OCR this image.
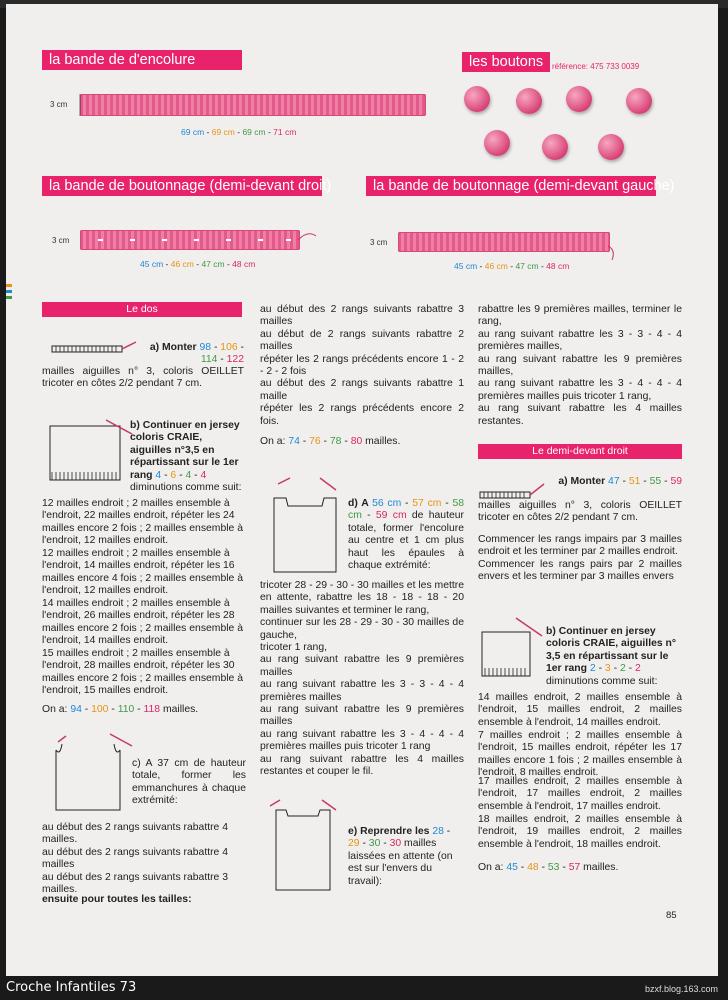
la bande de d'encolure
3 cm
69 cm - 69 cm - 69 cm - 71 cm
les boutons	référence: 475 733 0039
la bande de boutonnage (demi-devant droit)
3 cm
45 cm - 46 cm - 47 cm - 48 cm
la bande de boutonnage (demi-devant gauche)
3 cm
45 cm - 46 cm - 47 cm - 48 cm
Le dos
a) Monter 98 - 106 - 114 - 122
mailles aiguilles n° 3, coloris OEILLET tricoter en côtes 2/2 pendant 7 cm.
b) Continuer en jersey coloris CRAIE, aiguilles n°3,5 en répartissant sur le 1er rang 4 - 6 - 4 - 4 diminutions comme suit:
12 mailles endroit ; 2 mailles ensemble à l'endroit, 22 mailles endroit, répéter les 24 mailles encore 2 fois ; 2 mailles ensemble à l'endroit, 12 mailles endroit.
12 mailles endroit ; 2 mailles ensemble à l'endroit, 14 mailles endroit, répéter les 16 mailles encore 4 fois ; 2 mailles ensemble à l'endroit, 12 mailles endroit.
14 mailles endroit ; 2 mailles ensemble à l'endroit, 26 mailles endroit, répéter les 28 mailles encore 2 fois ; 2 mailles ensemble à l'endroit, 14 mailles endroit.
15 mailles endroit ; 2 mailles ensemble à l'endroit, 28 mailles endroit, répéter les 30 mailles encore 2 fois ; 2 mailles ensemble à l'endroit, 15 mailles endroit.
On a: 94 - 100 - 110 - 118 mailles.
c) A 37 cm de hauteur totale, former les emmanchures à chaque extrémité:
au début des 2 rangs suivants rabattre 4 mailles.
au début des 2 rangs suivants rabattre 4 mailles
au début des 2 rangs suivants rabattre 3 mailles.
ensuite pour toutes les tailles:
au début des 2 rangs suivants rabattre 3 mailles
au début de 2 rangs suivants rabattre 2 mailles
répéter les 2 rangs précédents encore 1 - 2 - 2 - 2 fois
au début des 2 rangs suivants rabattre 1 maille
répéter les 2 rangs précédents encore 2 fois.
On a: 74 - 76 - 78 - 80 mailles.
d) A 56 cm - 57 cm - 58 cm - 59 cm de hauteur totale, former l'encolure au centre et 1 cm plus haut les épaules à chaque extrémité:
tricoter 28 - 29 - 30 - 30 mailles et les mettre en attente, rabattre les 18 - 18 - 18 - 20 mailles suivantes et terminer le rang,
continuer sur les 28 - 29 - 30 - 30 mailles de gauche,
tricoter 1 rang,
au rang suivant rabattre les 9 premières mailles
au rang suivant rabattre les 3 - 3 - 4 - 4 premières mailles
au rang suivant rabattre les 9 premières mailles
au rang suivant rabattre les 3 - 4 - 4 - 4 premières mailles puis tricoter 1 rang
au rang suivant rabattre les 4 mailles restantes et couper le fil.
e) Reprendre les 28 - 29 - 30 - 30 mailles laissées en attente (on est sur l'envers du travail):
rabattre les 9 premières mailles, terminer le rang,
au rang suivant rabattre les 3 - 3 - 4 - 4 premières mailles,
au rang suivant rabattre les 9 premières mailles,
au rang suivant rabattre les 3 - 4 - 4 - 4 premières mailles puis tricoter 1 rang,
au rang suivant rabattre les 4 mailles restantes.
Le demi-devant droit
a) Monter 47 - 51 - 55 - 59
mailles aiguilles n° 3, coloris OEILLET tricoter en côtes 2/2 pendant 7 cm.
Commencer les rangs impairs par 3 mailles endroit et les terminer par 2 mailles endroit.
Commencer les rangs pairs par 2 mailles envers et les terminer par 3 mailles envers
b) Continuer en jersey coloris CRAIE, aiguilles n° 3,5 en répartissant sur le 1er rang 2 - 3 - 2 - 2 diminutions comme suit:
14 mailles endroit, 2 mailles ensemble à l'endroit, 15 mailles endroit, 2 mailles ensemble à l'endroit, 14 mailles endroit.
7 mailles endroit ; 2 mailles ensemble à l'endroit, 15 mailles endroit, répéter les 17 mailles encore 1 fois ; 2 mailles ensemble à l'endroit, 8 mailles endroit.
17 mailles endroit, 2 mailles ensemble à l'endroit, 17 mailles endroit, 2 mailles ensemble à l'endroit, 17 mailles endroit.
18 mailles endroit, 2 mailles ensemble à l'endroit, 19 mailles endroit, 2 mailles ensemble à l'endroit, 18 mailles endroit.
On a: 45 - 48 - 53 - 57 mailles.
85
Croche Infantiles 73	bzxf.blog.163.com
